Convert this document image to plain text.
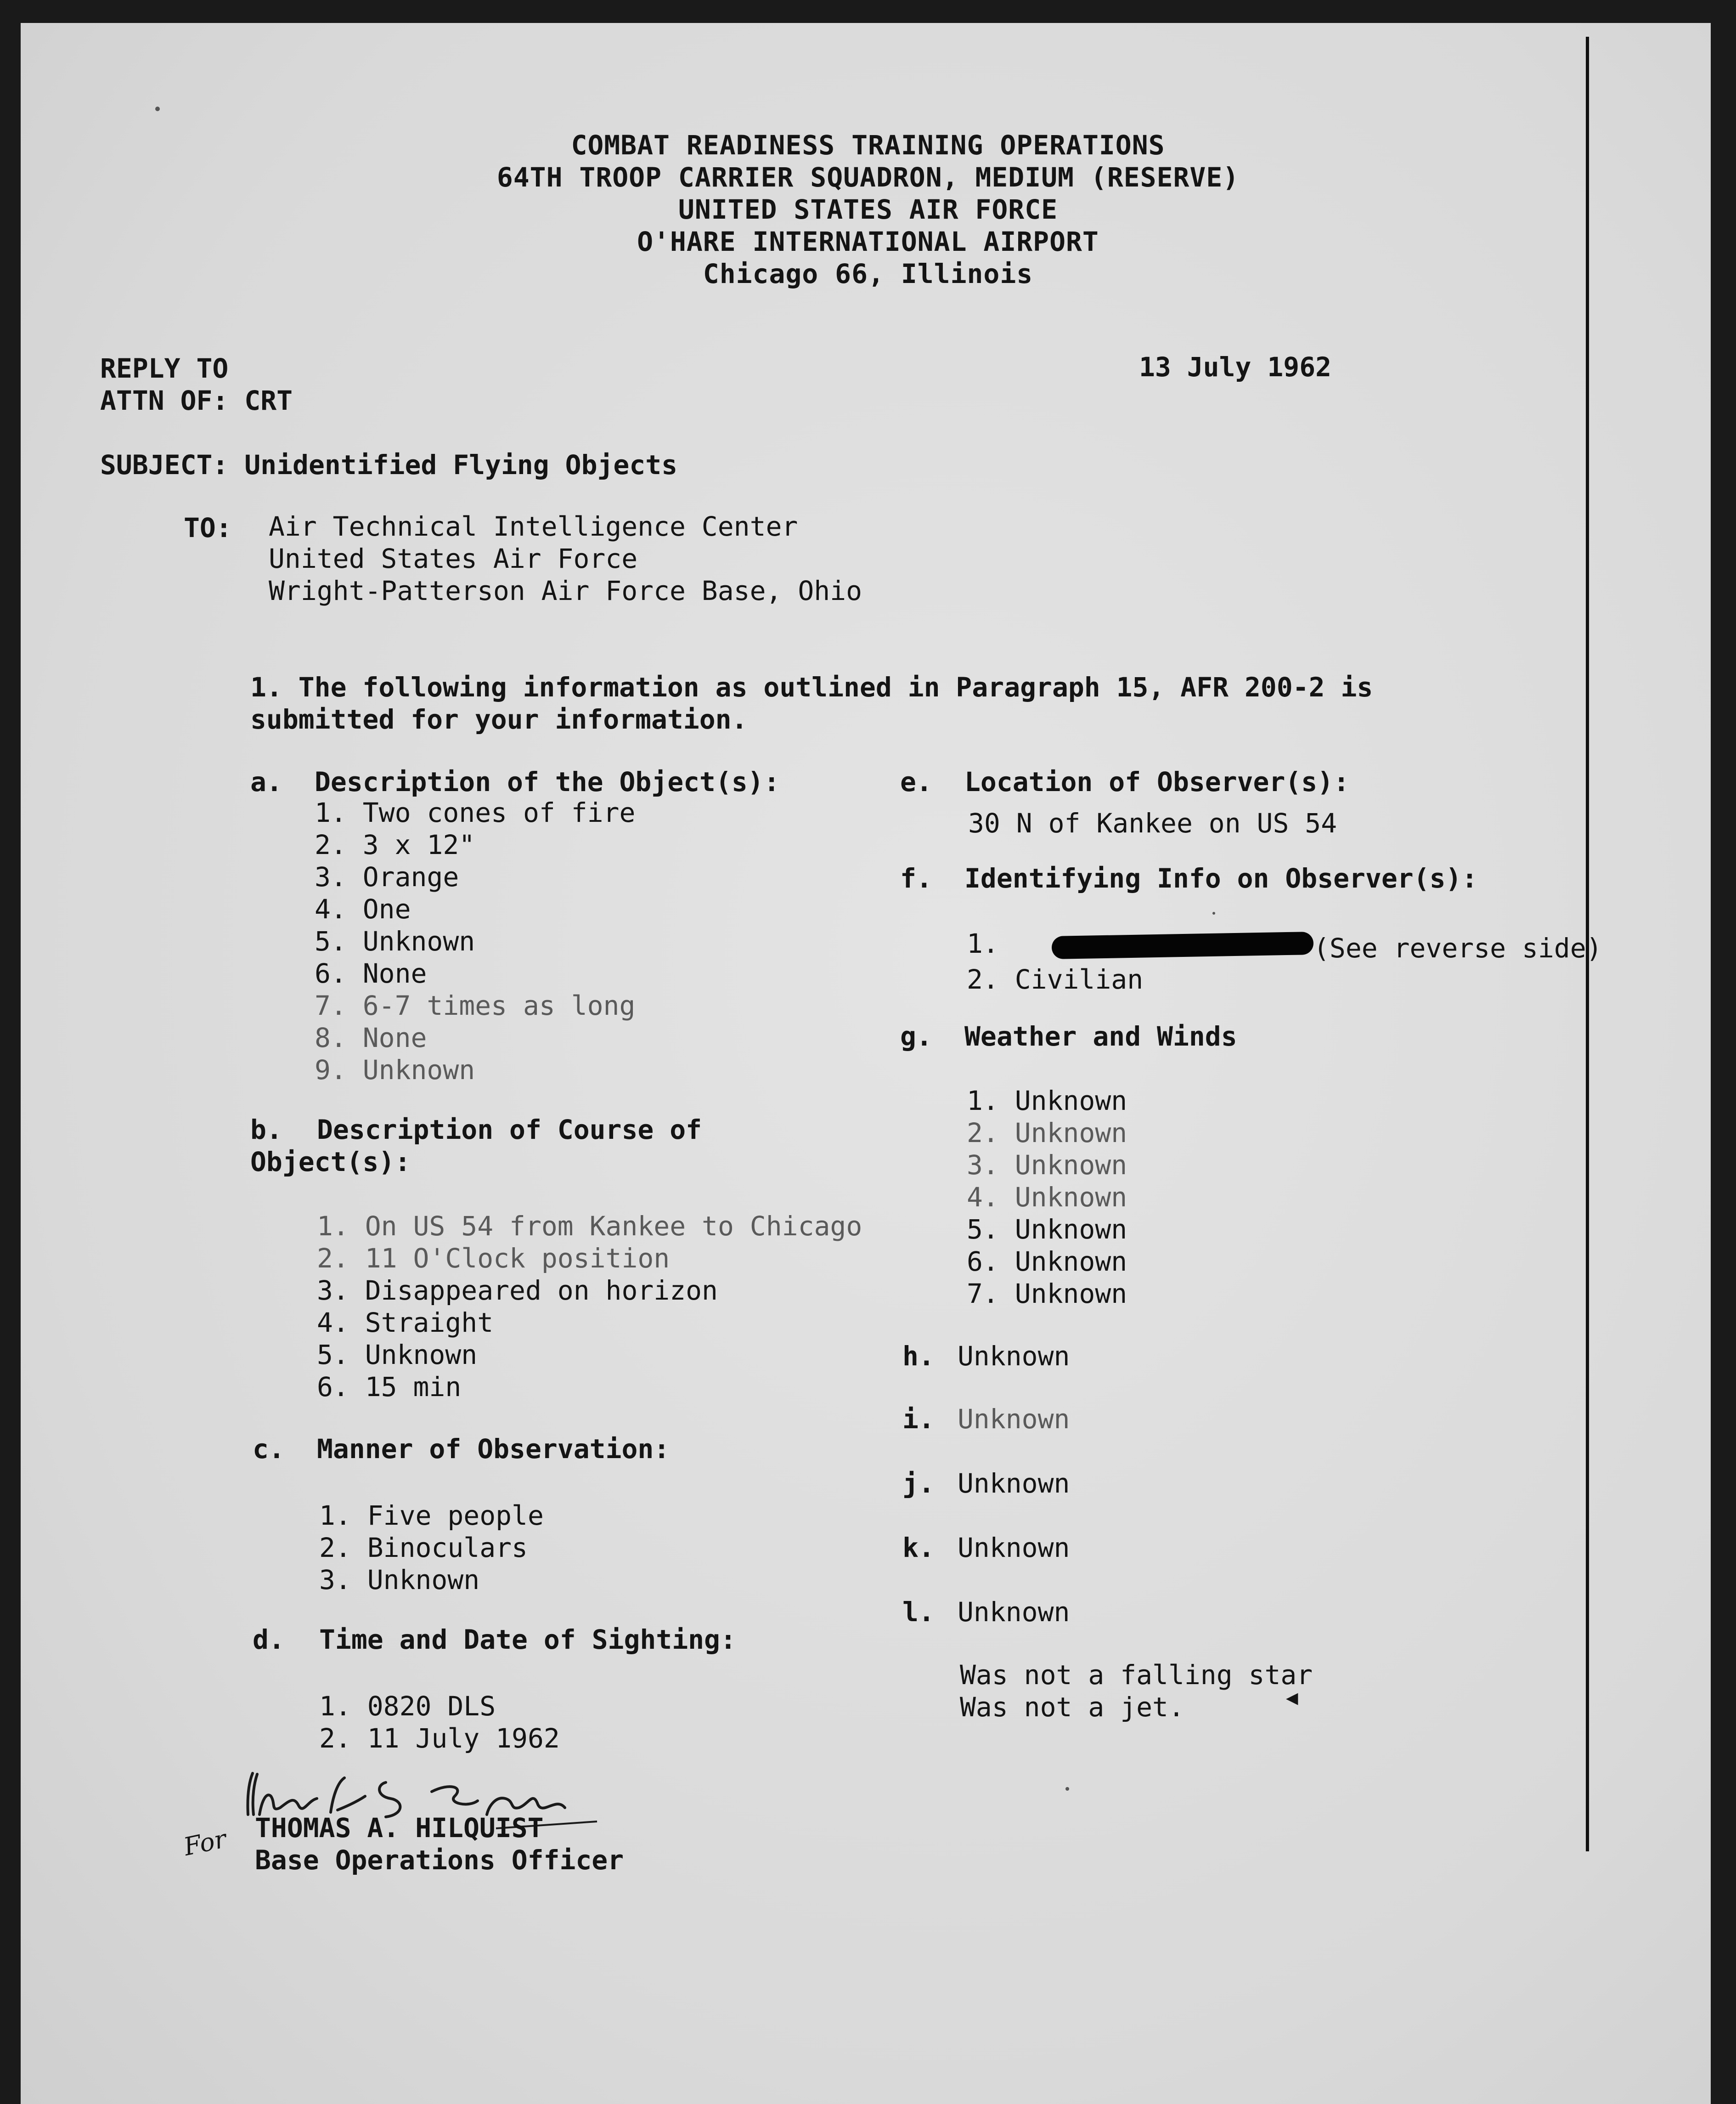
COMBAT READINESS TRAINING OPERATIONS
64TH TROOP CARRIER SQUADRON, MEDIUM (RESERVE)
UNITED STATES AIR FORCE
O'HARE INTERNATIONAL AIRPORT
Chicago 66, Illinois
REPLY TO
ATTN OF: CRT
13 July 1962
SUBJECT: Unidentified Flying Objects
TO: Air Technical Intelligence Center
United States Air Force
Wright-Patterson Air Force Base, Ohio
1. The following information as outlined in Paragraph 15, AFR 200-2 is
submitted for your information.
a. Description of the Object(s):
1. Two cones of fire
2. 3 x 12"
3. Orange
4. One
5. Unknown
6. None
7. 6-7 times as long
8. None
9. Unknown
b. Description of Course of
Object(s):
1. On US 54 from Kankee to Chicago
2. 11 O'Clock position
3. Disappeared on horizon
4. Straight
5. Unknown
6. 15 min
c. Manner of Observation:
1. Five people
2. Binoculars
3. Unknown
d. Time and Date of Sighting:
1. 0820 DLS
2. 11 July 1962
e. Location of Observer(s):
30 N of Kankee on US 54
f. Identifying Info on Observer(s):
1.	(See reverse side)
2. Civilian
g. Weather and Winds
1. Unknown
2. Unknown
3. Unknown
4. Unknown
5. Unknown
6. Unknown
7. Unknown
h. Unknown
i. Unknown
j. Unknown
k. Unknown
l. Unknown
Was not a falling star
Was not a jet.	◀
For THOMAS A. HILQUIST
Base Operations Officer
